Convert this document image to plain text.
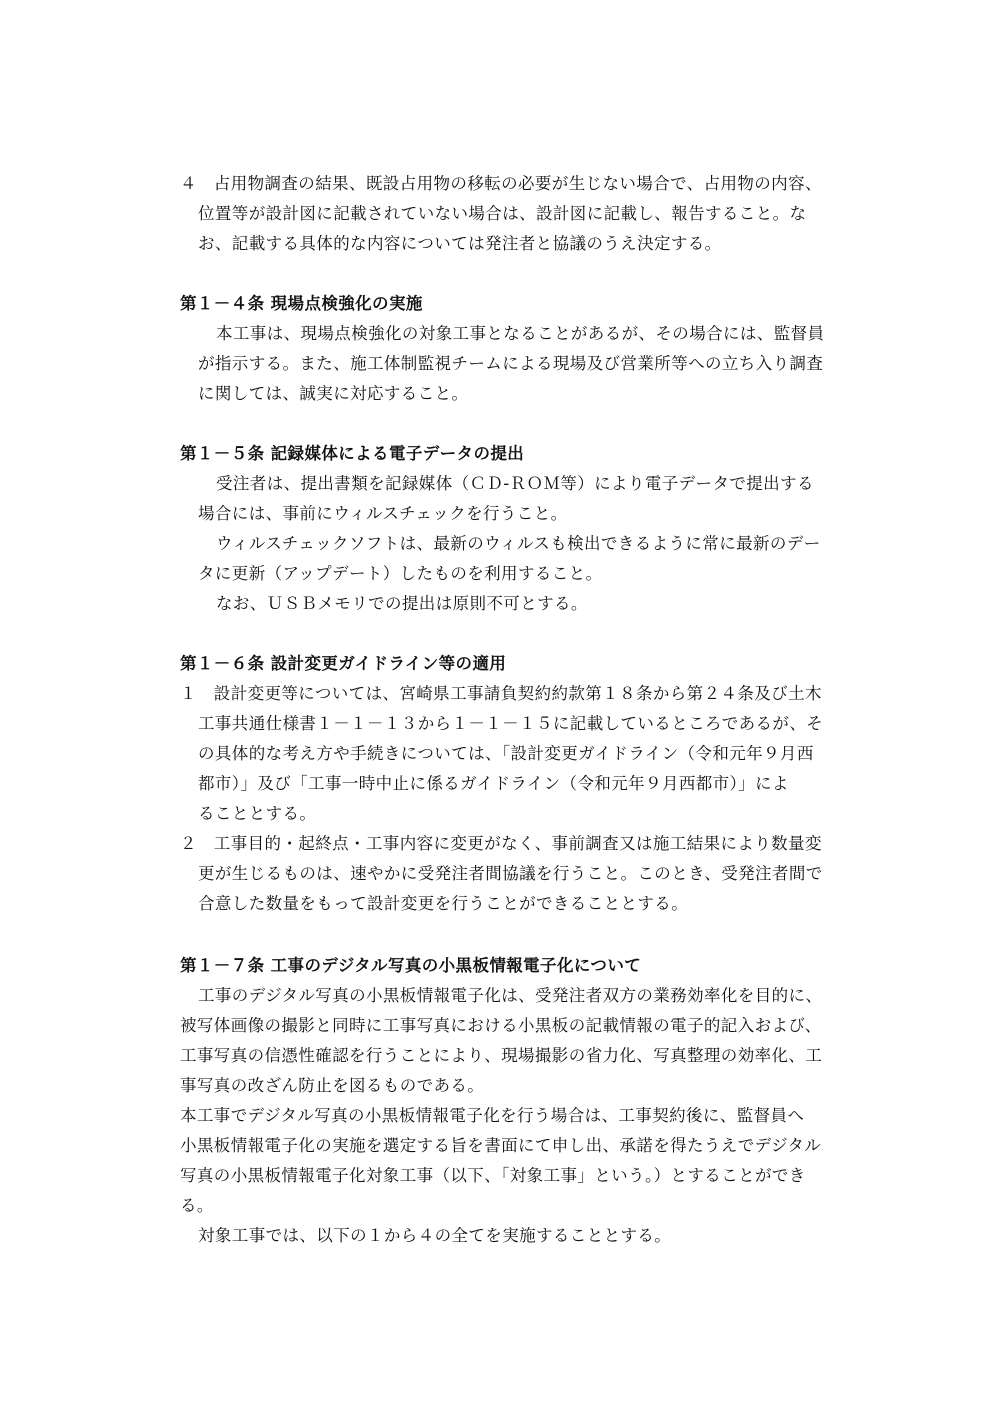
４　占用物調査の結果、既設占用物の移転の必要が生じない場合で、占用物の内容、
位置等が設計図に記載されていない場合は、設計図に記載し、報告すること。な
お、記載する具体的な内容については発注者と協議のうえ決定する。
第１－４条 現場点検強化の実施
本工事は、現場点検強化の対象工事となることがあるが、その場合には、監督員
が指示する。また、施工体制監視チームによる現場及び営業所等への立ち入り調査
に関しては、誠実に対応すること。
第１－５条 記録媒体による電子データの提出
受注者は、提出書類を記録媒体（ＣＤ-ＲＯＭ等）により電子データで提出する
場合には、事前にウィルスチェックを行うこと。
ウィルスチェックソフトは、最新のウィルスも検出できるように常に最新のデー
タに更新（アップデート）したものを利用すること。
なお、ＵＳＢメモリでの提出は原則不可とする。
第１－６条 設計変更ガイドライン等の適用
１　設計変更等については、宮崎県工事請負契約約款第１８条から第２４条及び土木
工事共通仕様書１－１－１３から１－１－１５に記載しているところであるが、そ
の具体的な考え方や手続きについては、「設計変更ガイドライン（令和元年９月西
都市）」及び「工事一時中止に係るガイドライン（令和元年９月西都市）」によ
ることとする。
２　工事目的・起終点・工事内容に変更がなく、事前調査又は施工結果により数量変
更が生じるものは、速やかに受発注者間協議を行うこと。このとき、受発注者間で
合意した数量をもって設計変更を行うことができることとする。
第１－７条 工事のデジタル写真の小黒板情報電子化について
工事のデジタル写真の小黒板情報電子化は、受発注者双方の業務効率化を目的に、
被写体画像の撮影と同時に工事写真における小黒板の記載情報の電子的記入および、
工事写真の信憑性確認を行うことにより、現場撮影の省力化、写真整理の効率化、工
事写真の改ざん防止を図るものである。
本工事でデジタル写真の小黒板情報電子化を行う場合は、工事契約後に、監督員へ
小黒板情報電子化の実施を選定する旨を書面にて申し出、承諾を得たうえでデジタル
写真の小黒板情報電子化対象工事（以下、「対象工事」という。）とすることができ
る。
対象工事では、以下の１から４の全てを実施することとする。
